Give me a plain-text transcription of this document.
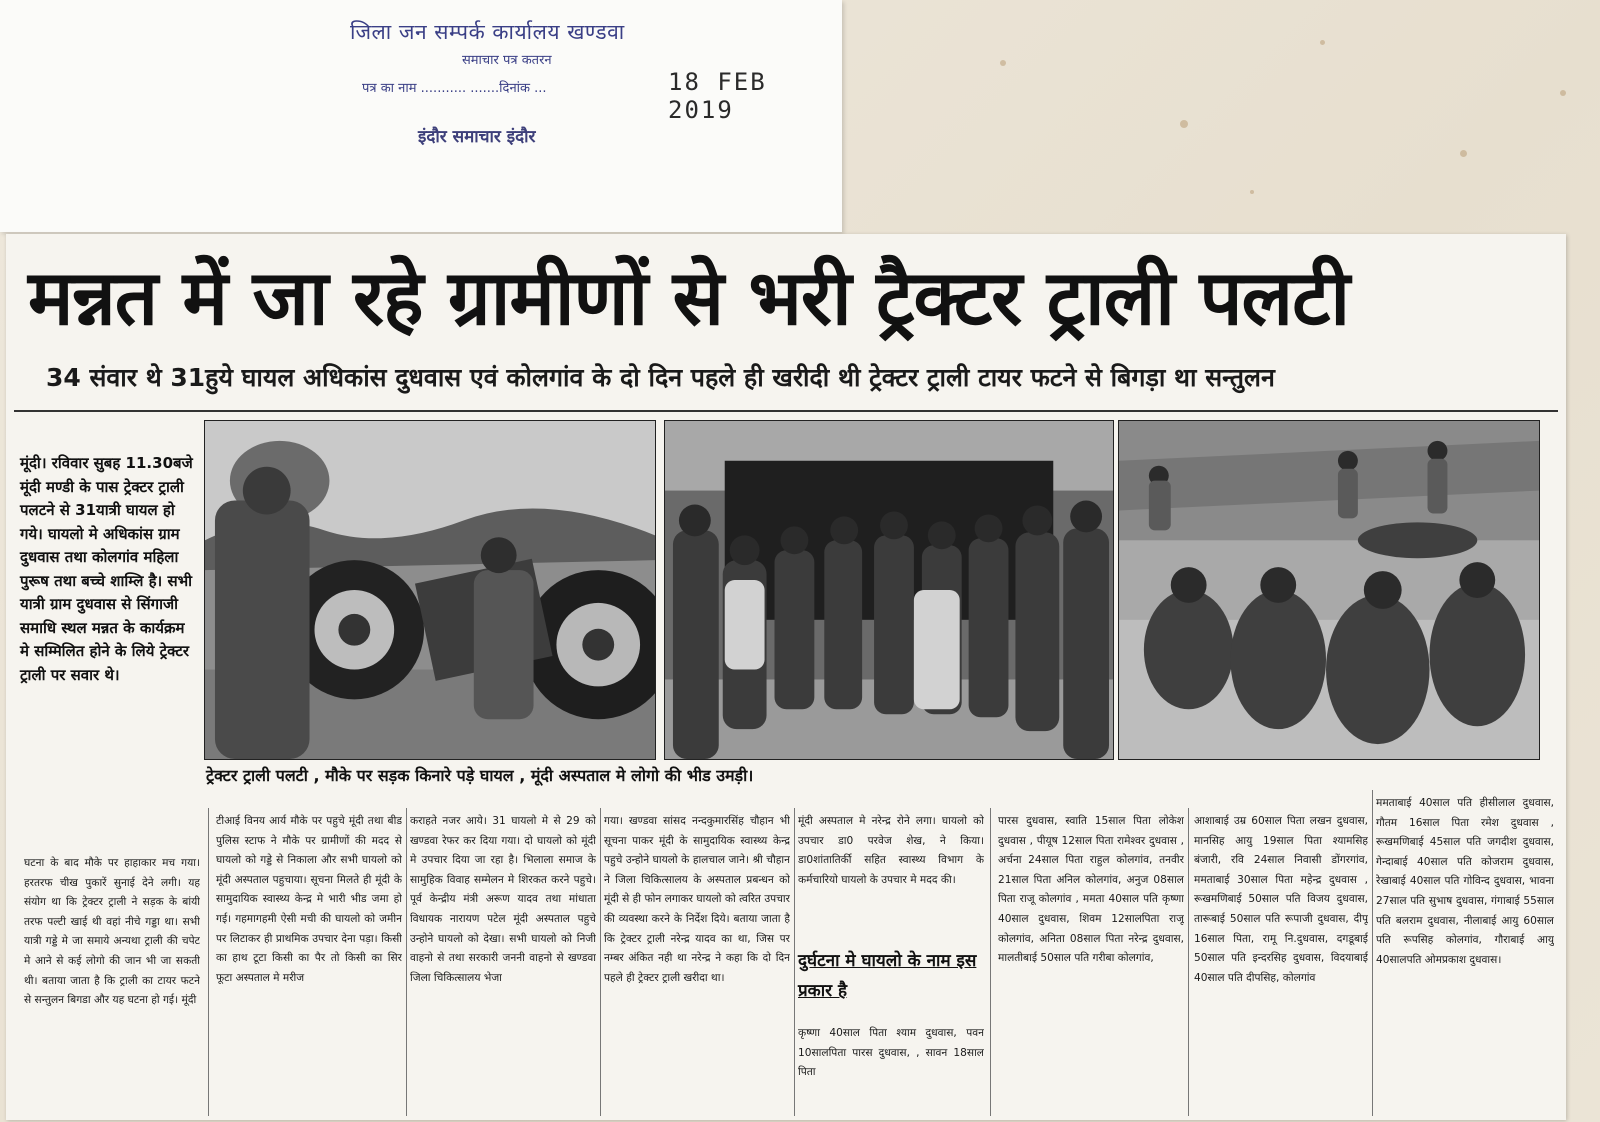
जिला जन सम्पर्क कार्यालय खण्डवा
समाचार पत्र कतरन
पत्र का नाम ........... .......दिनांक ...	18 FEB 2019
इंदौर समाचार इंदौर
मन्नत में जा रहे ग्रामीणों से भरी ट्रैक्टर ट्राली पलटी
34 संवार थे 31हुये घायल अधिकांस दुधवास एवं कोलगांव के दो दिन पहले ही खरीदी थी ट्रेक्टर ट्राली टायर फटने से बिगड़ा था सन्तुलन
मूंदी। रविवार सुबह 11.30बजे मूंदी मण्डी के पास ट्रेक्टर ट्राली पलटने से 31यात्री घायल हो गये। घायलो मे अधिकांस ग्राम दुधवास तथा कोलगांव महिला पुरूष तथा बच्चे शाम्लि है। सभी यात्री ग्राम दुधवास से सिंगाजी समाधि स्थल मन्नत के कार्यक्रम मे सम्मिलित होने के लिये ट्रेक्टर ट्राली पर सवार थे।
ट्रेक्टर ट्राली पलटी , मौके पर सड़क किनारे पड़े घायल , मूंदी अस्पताल मे लोगो की भीड उमड़ी।
घटना के बाद मौके पर हाहाकार मच गया। हरतरफ चीख पुकारें सुनाई देने लगी। यह संयोग था कि ट्रेक्टर ट्राली ने सड़क के बांयी तरफ पल्टी खाई थी वहां नीचे गड्डा था। सभी यात्री गड्डे मे जा समाये अन्यथा ट्राली की चपेट मे आने से कई लोगो की जान भी जा सकती थी। बताया जाता है कि ट्राली का टायर फटने से सन्तुलन बिगडा और यह घटना हो गई। मूंदी
टीआई विनय आर्य मौके पर पहुचे मूंदी तथा बीड पुलिस स्टाफ ने मौके पर ग्रामीणों की मदद से घायलो को गड्डे से निकाला और सभी घायलो को मूंदी अस्पताल पहुचाया। सूचना मिलते ही मूंदी के सामुदायिक स्वास्थ्य केन्द्र मे भारी भीड जमा हो गई। गहमागहमी ऐसी मची की घायलो को जमीन पर लिटाकर ही प्राथमिक उपचार देना पड़ा। किसी का हाथ टूटा किसी का पैर तो किसी का सिर फूटा अस्पताल मे मरीज
कराहते नजर आये। 31 घायलो मे से 29 को खण्डवा रेफर कर दिया गया। दो घायलो को मूंदी मे उपचार दिया जा रहा है। भिलाला समाज के सामुहिक विवाह सम्मेलन मे शिरकत करने पहुचे। पूर्व केन्द्रीय मंत्री अरूण यादव तथा मांधाता विधायक नारायण पटेल मूंदी अस्पताल पहुचे उन्होने घायलो को देखा। सभी घायलो को निजी वाहनो से तथा सरकारी जननी वाहनो से खण्डवा जिला चिकित्सालय भेजा
गया। खण्डवा सांसद नन्दकुमारसिंह चौहान भी सूचना पाकर मूंदी के सामुदायिक स्वास्थ्य केन्द्र पहुचे उन्होने घायलो के हालचाल जाने। श्री चौहान ने जिला चिकित्सालय के अस्पताल प्रबन्धन को मूंदी से ही फोन लगाकर घायलो को त्वरित उपचार की व्यवस्था करने के निर्देश दिये। बताया जाता है कि ट्रेक्टर ट्राली नरेन्द्र यादव का था, जिस पर नम्बर अंकित नही था नरेन्द्र ने कहा कि दो दिन पहले ही ट्रेक्टर ट्राली खरीदा था।
मूंदी अस्पताल मे नरेन्द्र रोने लगा। घायलो को उपचार डा0 परवेज शेख, ने किया। डा0शांतातिर्की सहित स्वास्थ्य विभाग के कर्मचारियो घायलो के उपचार मे मदद की।
दुर्घटना मे घायलो के नाम इस प्रकार है
कृष्णा 40साल पिता श्याम दुधवास, पवन 10सालपिता पारस दुधवास, , सावन 18साल पिता
पारस दुधवास, स्वाति 15साल पिता लोकेश दुधवास , पीयूष 12साल पिता रामेश्वर दुधवास , अर्चना 24साल पिता राहुल कोलगांव, तनवीर 21साल पिता अनिल कोलगांव, अनुज 08साल पिता राजू कोलगांव , ममता 40साल पति कृष्णा 40साल दुधवास, शिवम 12सालपिता राजू कोलगांव, अनिता 08साल पिता नरेन्द्र दुधवास, मालतीबाई 50साल पति गरीबा कोलगांव,
आशाबाई उम्र 60साल पिता लखन दुधवास, मानसिह आयु 19साल पिता श्यामसिह बंजारी, रवि 24साल निवासी डोंगरगांव, ममताबाई 30साल पिता महेन्द्र दुधवास , रूखमणिबाई 50साल पति विजय दुधवास, तारूबाई 50साल पति रूपाजी दुधवास, दीपू 16साल पिता, रामू नि.दुधवास, दगडूबाई 50साल पति इन्दरसिह दुधवास, विदयाबाई 40साल पति दीपसिह, कोलगांव
ममताबाई 40साल पति हीसीलाल दुधवास, गौतम 16साल पिता रमेश दुधवास , रूखमणिबाई 45साल पति जगदीश दुधवास, गेन्दाबाई 40साल पति कोजराम दुधवास, रेखाबाई 40साल पति गोविन्द दुधवास, भावना 27साल पति सुभाष दुधवास, गंगाबाई 55साल पति बलराम दुधवास, नीलाबाई आयु 60साल पति रूपसिह कोलगांव, गौराबाई आयु 40सालपति ओमप्रकाश दुधवास।
